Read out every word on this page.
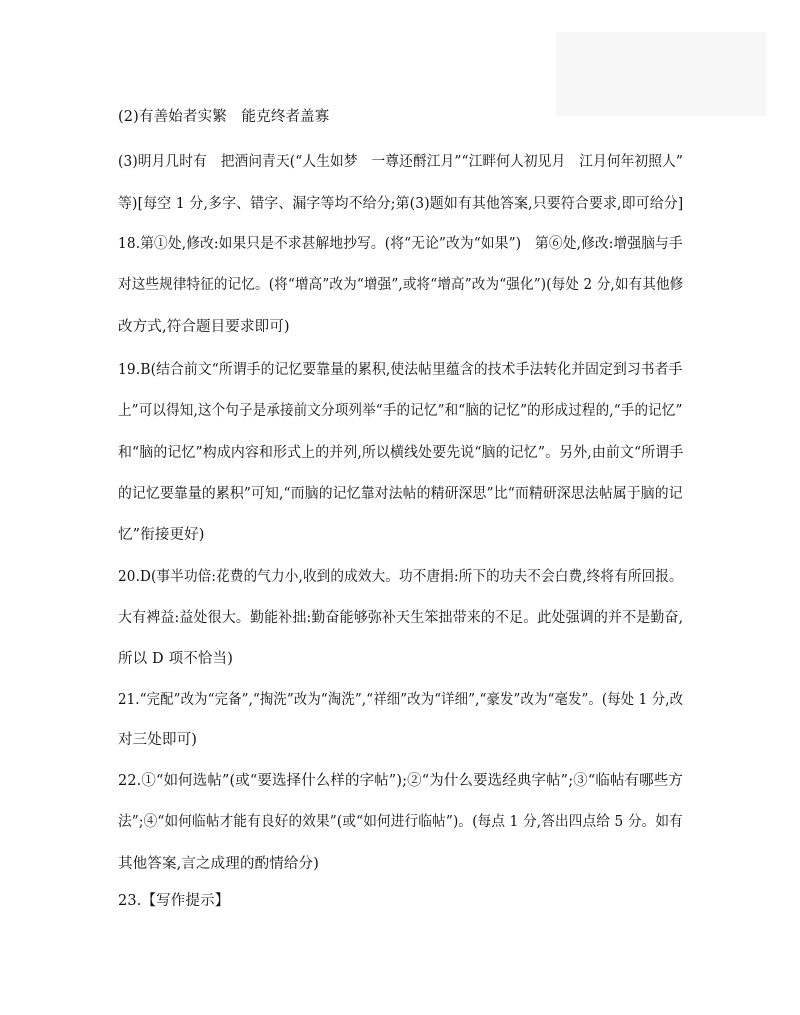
(2)有善始者实繁　能克终者盖寡
(3)明月几时有　把酒问青天(“人生如梦　一尊还酹江月”“江畔何人初见月　江月何年初照人”
等)[每空 1 分,多字、错字、漏字等均不给分;第(3)题如有其他答案,只要符合要求,即可给分]
18.第①处,修改:如果只是不求甚解地抄写。(将“无论”改为“如果”)　第⑥处,修改:增强脑与手
对这些规律特征的记忆。(将“增高”改为“增强”,或将“增高”改为“强化”)(每处 2 分,如有其他修
改方式,符合题目要求即可)
19.B(结合前文“所谓手的记忆要靠量的累积,使法帖里蕴含的技术手法转化并固定到习书者手
上”可以得知,这个句子是承接前文分项列举“手的记忆”和“脑的记忆”的形成过程的,“手的记忆”
和“脑的记忆”构成内容和形式上的并列,所以横线处要先说“脑的记忆”。另外,由前文“所谓手
的记忆要靠量的累积”可知,“而脑的记忆靠对法帖的精研深思”比“而精研深思法帖属于脑的记
忆”衔接更好)
20.D(事半功倍:花费的气力小,收到的成效大。功不唐捐:所下的功夫不会白费,终将有所回报。
大有裨益:益处很大。勤能补拙:勤奋能够弥补天生笨拙带来的不足。此处强调的并不是勤奋,
所以 D 项不恰当)
21.“完配”改为“完备”,“掏洗”改为“淘洗”,“祥细”改为“详细”,“豪发”改为“毫发”。(每处 1 分,改
对三处即可)
22.①“如何选帖”(或“要选择什么样的字帖”);②“为什么要选经典字帖”;③“临帖有哪些方
法”;④“如何临帖才能有良好的效果”(或“如何进行临帖”)。(每点 1 分,答出四点给 5 分。如有
其他答案,言之成理的酌情给分)
23.【写作提示】
